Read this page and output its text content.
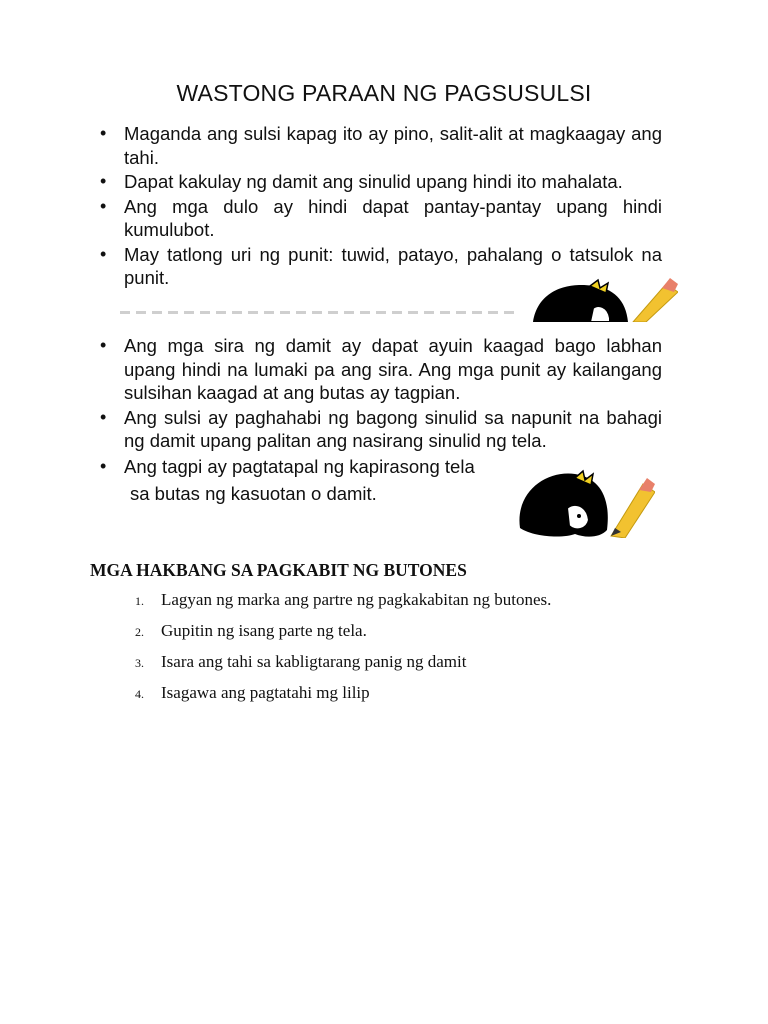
WASTONG PARAAN NG PAGSUSULSI
• Maganda ang sulsi kapag ito ay pino, salit-alit at magkaagay ang tahi.
• Dapat kakulay ng damit ang sinulid upang hindi ito mahalata.
• Ang mga dulo ay hindi dapat pantay-pantay upang hindi kumulubot.
• May tatlong uri ng punit: tuwid, patayo, pahalang o tatsulok na punit.
• Ang mga sira ng damit ay dapat ayuin kaagad bago labhan upang hindi na lumaki pa ang sira. Ang mga punit ay kailangang sulsihan kaagad at ang butas ay tagpian.
• Ang sulsi ay paghahabi ng bagong sinulid sa napunit na bahagi ng damit upang palitan ang nasirang sinulid ng tela.
• Ang tagpi ay pagtatapal ng kapirasong tela
sa butas ng kasuotan o damit.
MGA HAKBANG SA PAGKABIT NG BUTONES
1.	Lagyan ng marka ang partre ng pagkakabitan ng butones.
2.	Gupitin ng isang parte ng tela.
3.	Isara ang tahi sa kabligtarang panig ng damit
4.	Isagawa ang pagtatahi mg lilip
